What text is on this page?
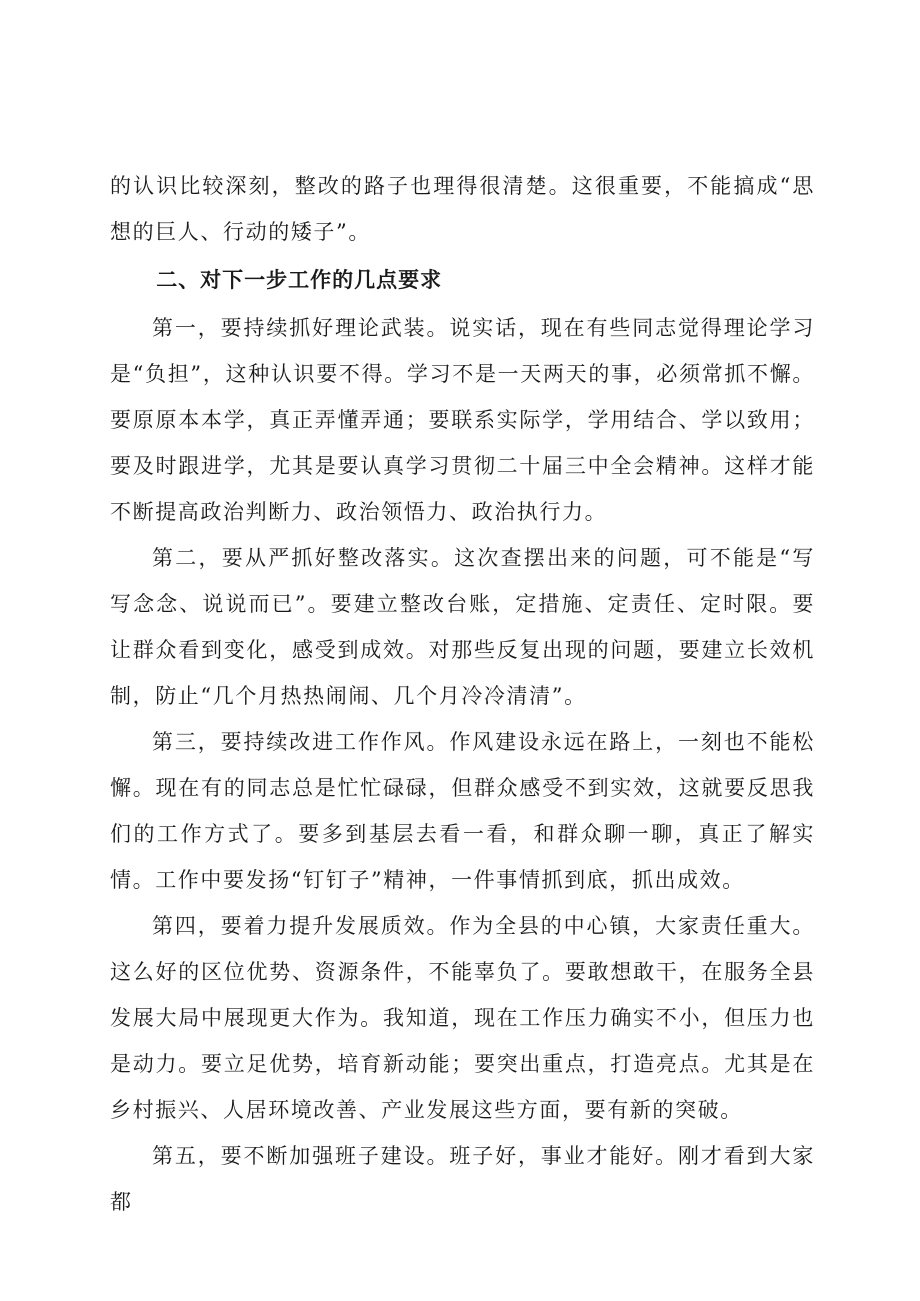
的认识比较深刻，整改的路子也理得很清楚。这很重要，不能搞成“思想的巨人、行动的矮子”。

二、对下一步工作的几点要求

第一，要持续抓好理论武装。说实话，现在有些同志觉得理论学习是“负担”，这种认识要不得。学习不是一天两天的事，必须常抓不懈。要原原本本学，真正弄懂弄通；要联系实际学，学用结合、学以致用；要及时跟进学，尤其是要认真学习贯彻二十届三中全会精神。这样才能不断提高政治判断力、政治领悟力、政治执行力。

第二，要从严抓好整改落实。这次查摆出来的问题，可不能是“写写念念、说说而已”。要建立整改台账，定措施、定责任、定时限。要让群众看到变化，感受到成效。对那些反复出现的问题，要建立长效机制，防止“几个月热热闹闹、几个月冷冷清清”。

第三，要持续改进工作作风。作风建设永远在路上，一刻也不能松懈。现在有的同志总是忙忙碌碌，但群众感受不到实效，这就要反思我们的工作方式了。要多到基层去看一看，和群众聊一聊，真正了解实情。工作中要发扬“钉钉子”精神，一件事情抓到底，抓出成效。

第四，要着力提升发展质效。作为全县的中心镇，大家责任重大。这么好的区位优势、资源条件，不能辜负了。要敢想敢干，在服务全县发展大局中展现更大作为。我知道，现在工作压力确实不小，但压力也是动力。要立足优势，培育新动能；要突出重点，打造亮点。尤其是在乡村振兴、人居环境改善、产业发展这些方面，要有新的突破。

第五，要不断加强班子建设。班子好，事业才能好。刚才看到大家都
